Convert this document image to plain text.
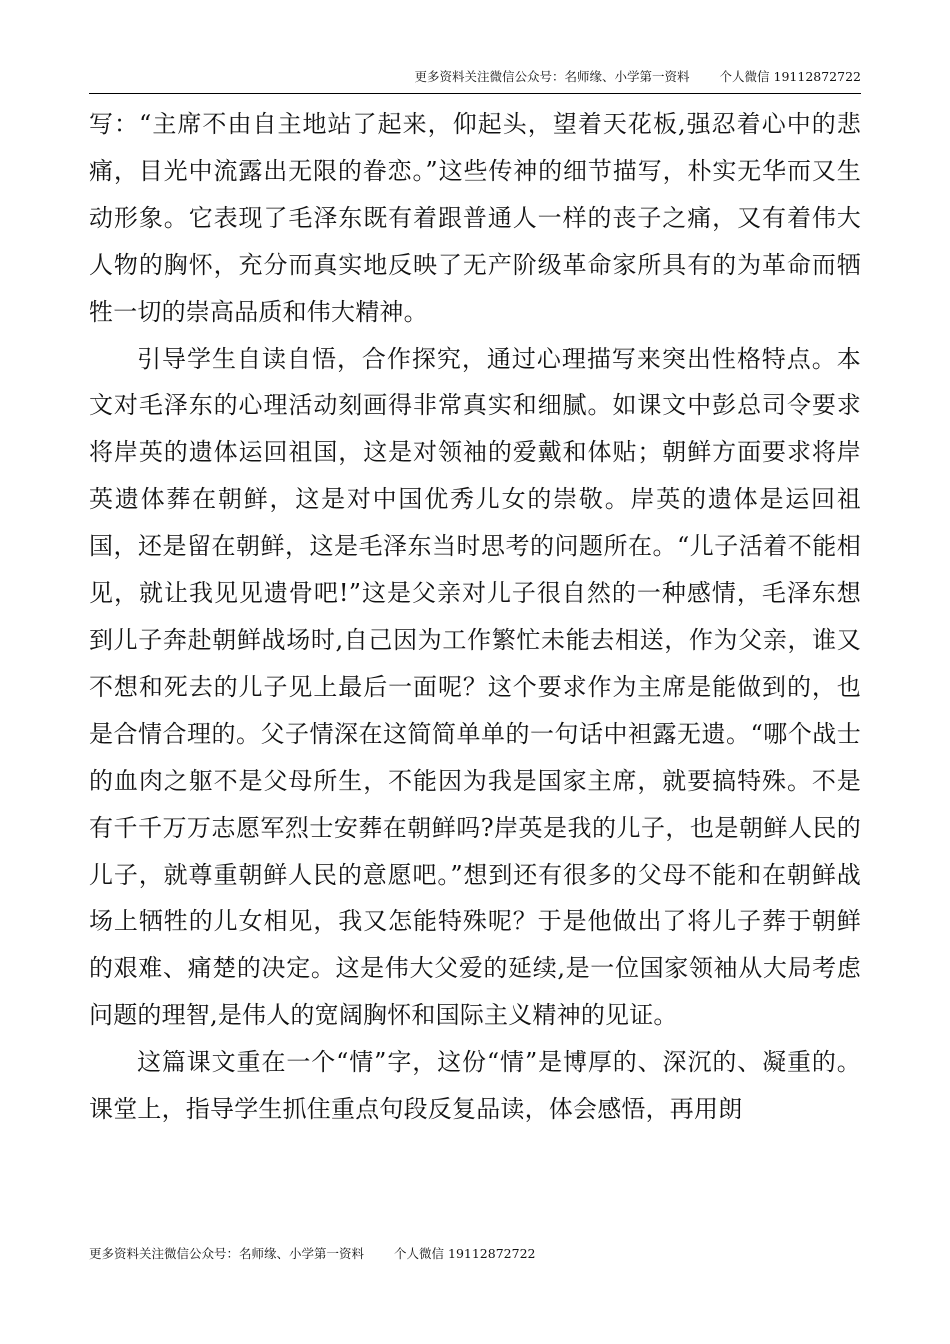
更多资料关注微信公众号：名师缘、小学第一资料 个人微信 19112872722

写：“主席不由自主地站了起来，仰起头，望着天花板,强忍着心中的悲痛，目光中流露出无限的眷恋。”这些传神的细节描写，朴实无华而又生动形象。它表现了毛泽东既有着跟普通人一样的丧子之痛，又有着伟大人物的胸怀，充分而真实地反映了无产阶级革命家所具有的为革命而牺牲一切的崇高品质和伟大精神。

引导学生自读自悟，合作探究，通过心理描写来突出性格特点。本文对毛泽东的心理活动刻画得非常真实和细腻。如课文中彭总司令要求将岸英的遗体运回祖国，这是对领袖的爱戴和体贴；朝鲜方面要求将岸英遗体葬在朝鲜，这是对中国优秀儿女的崇敬。岸英的遗体是运回祖国，还是留在朝鲜，这是毛泽东当时思考的问题所在。“儿子活着不能相见，就让我见见遗骨吧!”这是父亲对儿子很自然的一种感情，毛泽东想到儿子奔赴朝鲜战场时,自己因为工作繁忙未能去相送，作为父亲，谁又不想和死去的儿子见上最后一面呢？这个要求作为主席是能做到的，也是合情合理的。父子情深在这简简单单的一句话中袒露无遗。“哪个战士的血肉之躯不是父母所生，不能因为我是国家主席，就要搞特殊。不是有千千万万志愿军烈士安葬在朝鲜吗?岸英是我的儿子，也是朝鲜人民的儿子，就尊重朝鲜人民的意愿吧。”想到还有很多的父母不能和在朝鲜战场上牺牲的儿女相见，我又怎能特殊呢？于是他做出了将儿子葬于朝鲜的艰难、痛楚的决定。这是伟大父爱的延续,是一位国家领袖从大局考虑问题的理智,是伟人的宽阔胸怀和国际主义精神的见证。

这篇课文重在一个“情”字，这份“情”是博厚的、深沉的、凝重的。课堂上，指导学生抓住重点句段反复品读，体会感悟，再用朗

更多资料关注微信公众号：名师缘、小学第一资料 个人微信 19112872722
